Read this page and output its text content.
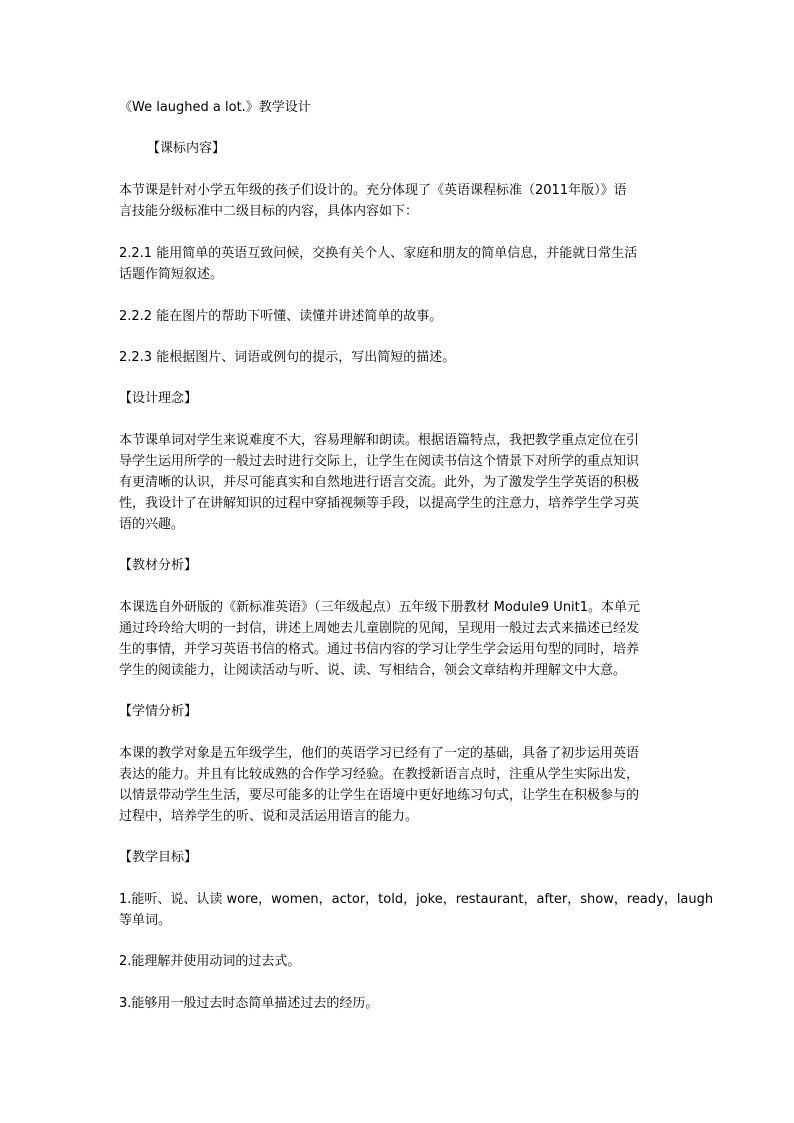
《We laughed a lot.》教学设计
【课标内容】
本节课是针对小学五年级的孩子们设计的。充分体现了《英语课程标准（2011年版）》语
言技能分级标准中二级目标的内容，具体内容如下：
2.2.1 能用简单的英语互致问候，交换有关个人、家庭和朋友的简单信息，并能就日常生活
话题作简短叙述。
2.2.2 能在图片的帮助下听懂、读懂并讲述简单的故事。
2.2.3 能根据图片、词语或例句的提示，写出简短的描述。
【设计理念】
本节课单词对学生来说难度不大，容易理解和朗读。根据语篇特点，我把教学重点定位在引
导学生运用所学的一般过去时进行交际上，让学生在阅读书信这个情景下对所学的重点知识
有更清晰的认识，并尽可能真实和自然地进行语言交流。此外，为了激发学生学英语的积极
性，我设计了在讲解知识的过程中穿插视频等手段，以提高学生的注意力，培养学生学习英
语的兴趣。
【教材分析】
本课选自外研版的《新标准英语》（三年级起点）五年级下册教材 Module9 Unit1。本单元
通过玲玲给大明的一封信，讲述上周她去儿童剧院的见闻，呈现用一般过去式来描述已经发
生的事情，并学习英语书信的格式。通过书信内容的学习让学生学会运用句型的同时，培养
学生的阅读能力，让阅读活动与听、说、读、写相结合，领会文章结构并理解文中大意。
【学情分析】
本课的教学对象是五年级学生，他们的英语学习已经有了一定的基础，具备了初步运用英语
表达的能力。并且有比较成熟的合作学习经验。在教授新语言点时，注重从学生实际出发，
以情景带动学生生活，要尽可能多的让学生在语境中更好地练习句式，让学生在积极参与的
过程中，培养学生的听、说和灵活运用语言的能力。
【教学目标】
1.能听、说、认读 wore，women，actor，told，joke，restaurant，after，show，ready，laugh
等单词。
2.能理解并使用动词的过去式。
3.能够用一般过去时态简单描述过去的经历。
